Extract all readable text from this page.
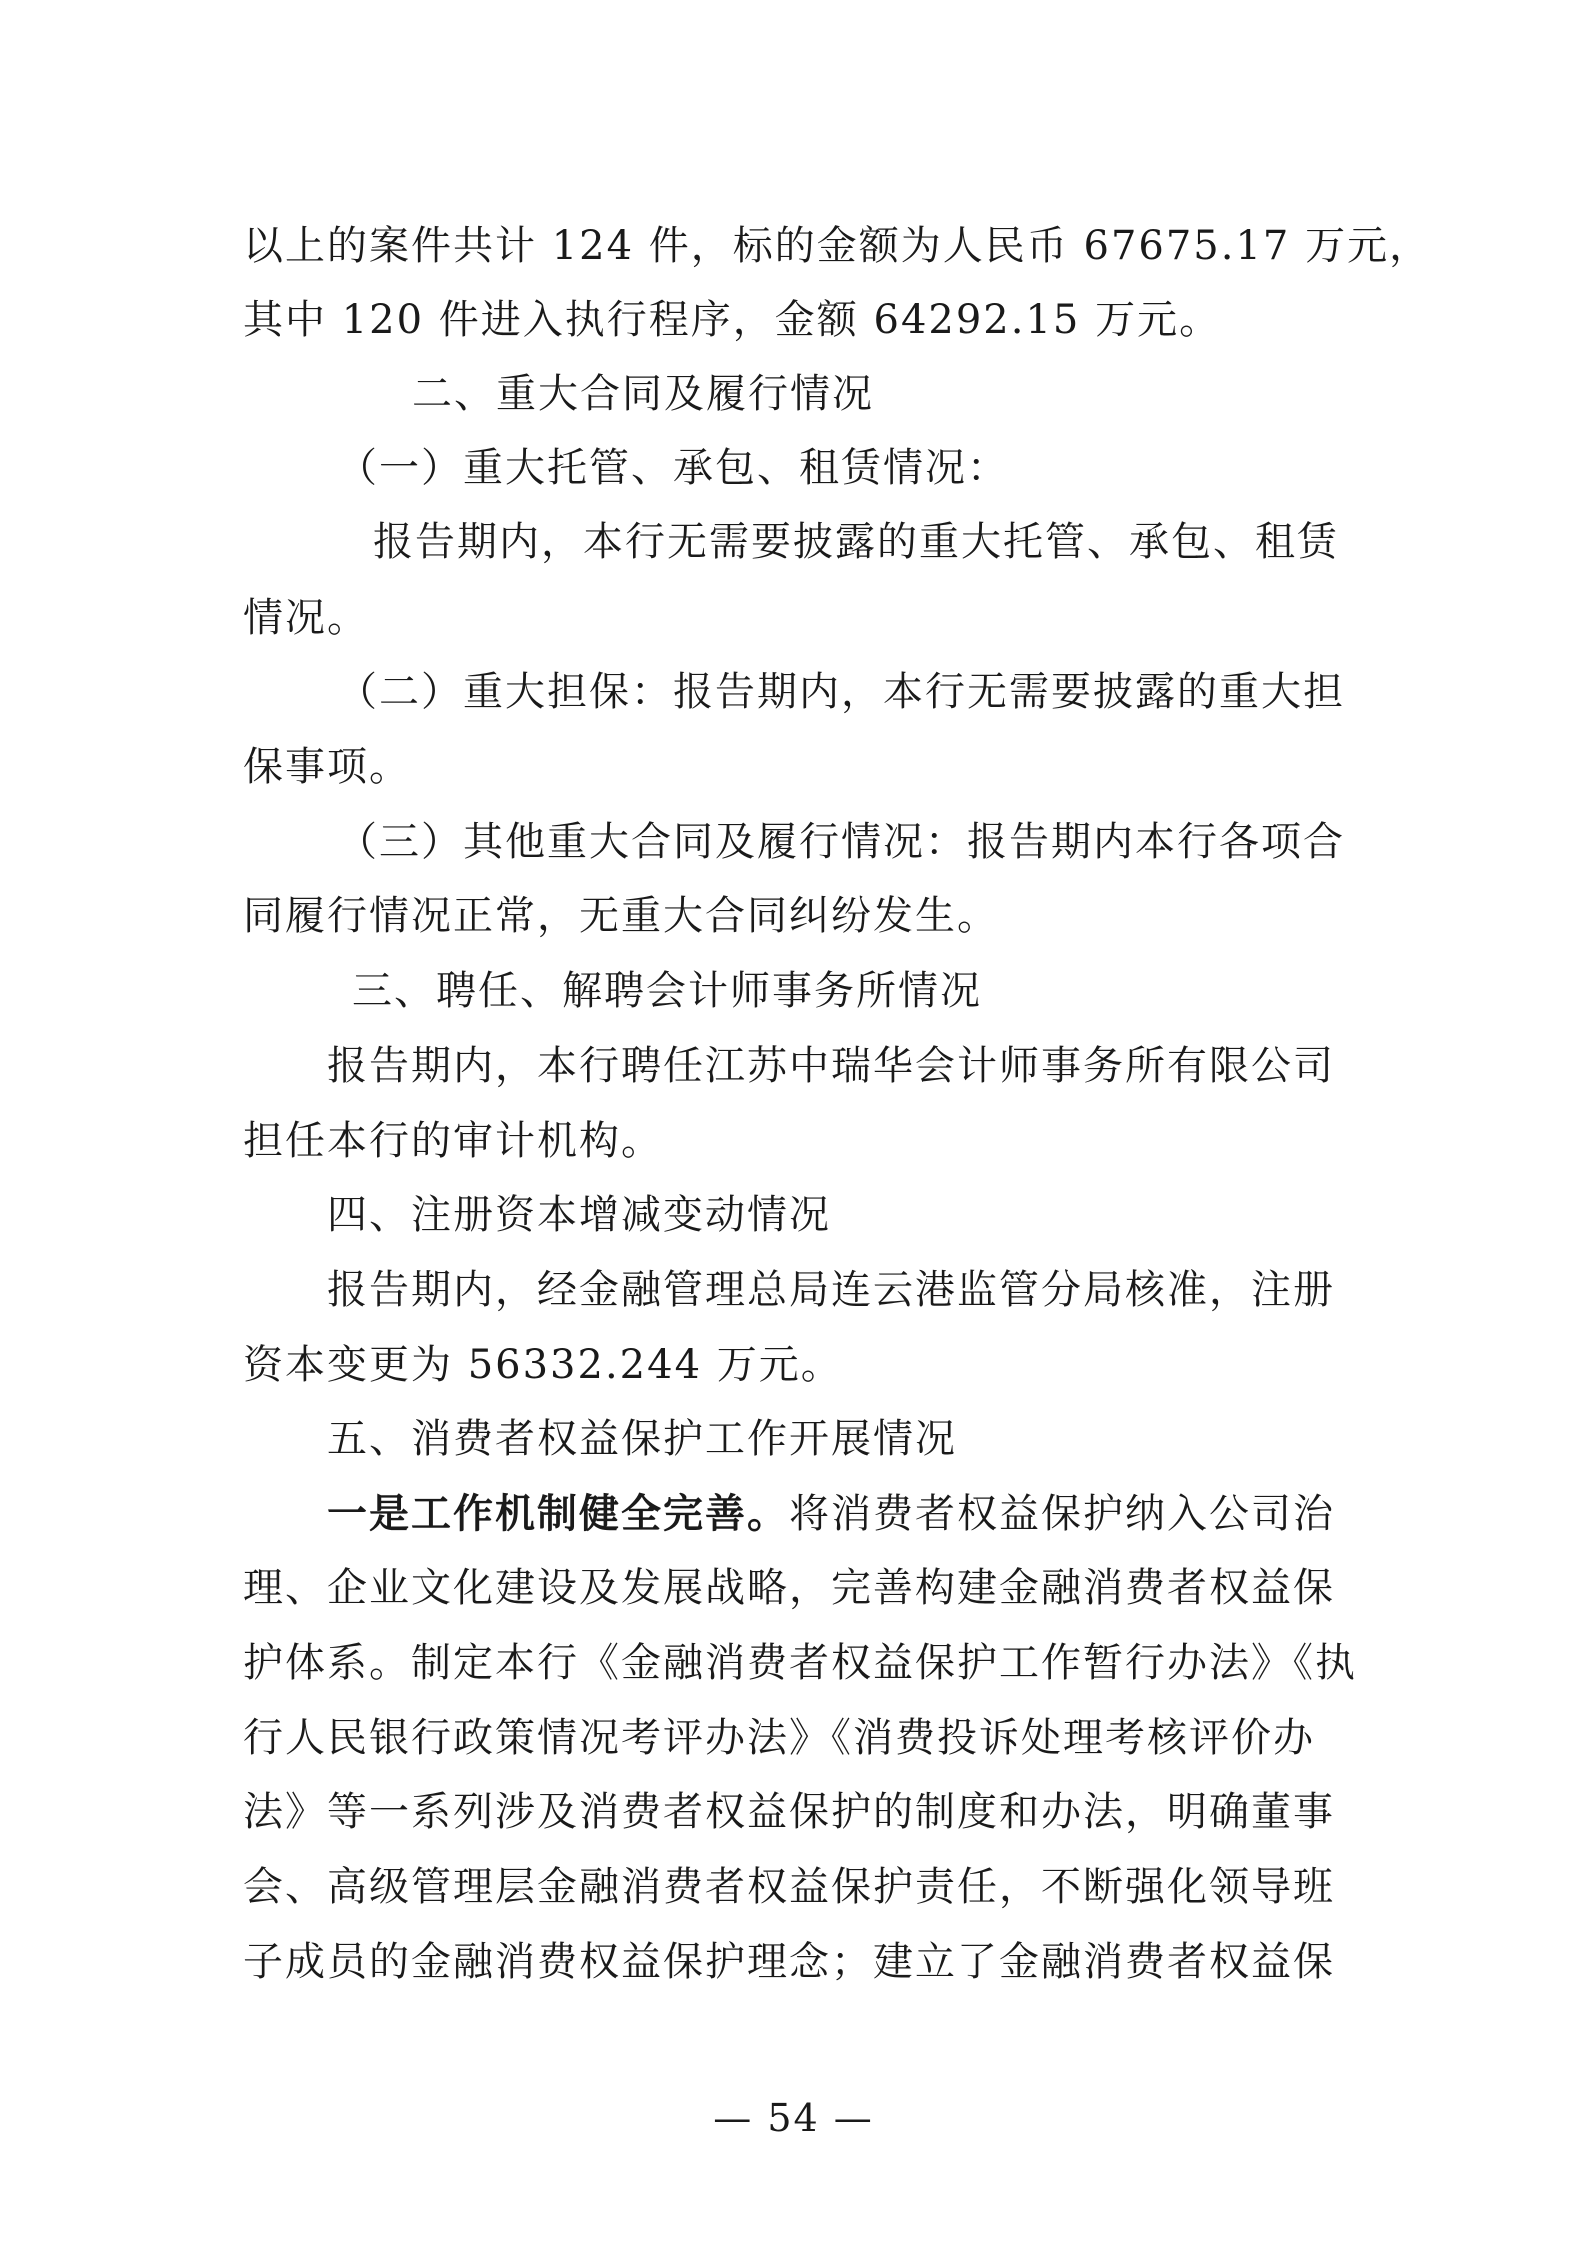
以上的案件共计 124 件，标的金额为人民币 67675.17 万元，
其中 120 件进入执行程序，金额 64292.15 万元。
二、重大合同及履行情况
（一）重大托管、承包、租赁情况：
报告期内，本行无需要披露的重大托管、承包、租赁
情况。
（二）重大担保：报告期内，本行无需要披露的重大担
保事项。
（三）其他重大合同及履行情况：报告期内本行各项合
同履行情况正常，无重大合同纠纷发生。
三、聘任、解聘会计师事务所情况
报告期内，本行聘任江苏中瑞华会计师事务所有限公司
担任本行的审计机构。
四、注册资本增减变动情况
报告期内，经金融管理总局连云港监管分局核准，注册
资本变更为 56332.244 万元。
五、消费者权益保护工作开展情况
一是工作机制健全完善。将消费者权益保护纳入公司治
理、企业文化建设及发展战略，完善构建金融消费者权益保
护体系。制定本行《金融消费者权益保护工作暂行办法》《执
行人民银行政策情况考评办法》《消费投诉处理考核评价办
法》等一系列涉及消费者权益保护的制度和办法，明确董事
会、高级管理层金融消费者权益保护责任，不断强化领导班
子成员的金融消费权益保护理念；建立了金融消费者权益保
— 54 —
